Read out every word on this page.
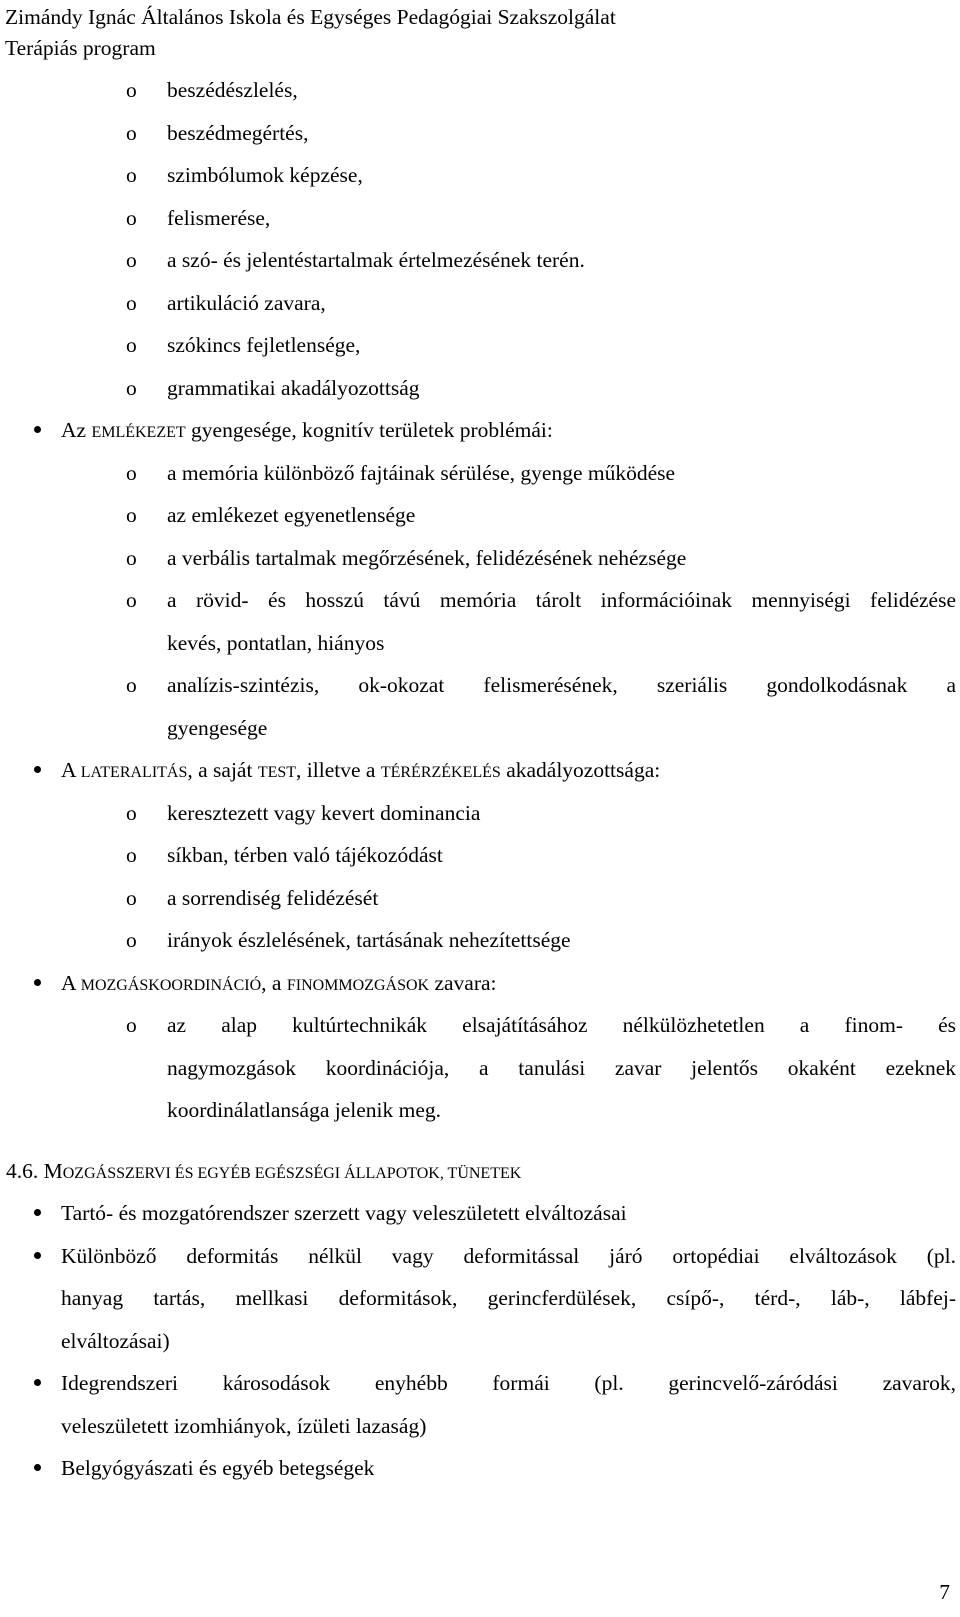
Zimándy Ignác Általános Iskola és Egységes Pedagógiai Szakszolgálat
Terápiás program
o beszédészlelés,
o beszédmegértés,
o szimbólumok képzése,
o felismerése,
o a szó- és jelentéstartalmak értelmezésének terén.
o artikuláció zavara,
o szókincs fejletlensége,
o grammatikai akadályozottság
Az EMLÉKEZET gyengesége, kognitív területek problémái:
o a memória különböző fajtáinak sérülése, gyenge működése
o az emlékezet egyenetlensége
o a verbális tartalmak megőrzésének, felidézésének nehézsége
o a rövid- és hosszú távú memória tárolt információinak mennyiségi felidézése
kevés, pontatlan, hiányos
o analízis-szintézis, ok-okozat felismerésének, szeriális gondolkodásnak a
gyengesége
A LATERALITÁS, a saját TEST, illetve a TÉRÉRZÉKELÉS akadályozottsága:
o keresztezett vagy kevert dominancia
o síkban, térben való tájékozódást
o a sorrendiség felidézését
o irányok észlelésének, tartásának nehezítettsége
A MOZGÁSKOORDINÁCIÓ, a FINOMMOZGÁSOK zavara:
o az alap kultúrtechnikák elsajátításához nélkülözhetetlen a finom- és
nagymozgások koordinációja, a tanulási zavar jelentős okaként ezeknek
koordinálatlansága jelenik meg.
4.6. MOZGÁSSZERVI ÉS EGYÉB EGÉSZSÉGI ÁLLAPOTOK, TÜNETEK
Tartó- és mozgatórendszer szerzett vagy veleszületett elváltozásai
Különböző deformitás nélkül vagy deformitással járó ortopédiai elváltozások (pl.
hanyag tartás, mellkasi deformitások, gerincferdülések, csípő-, térd-, láb-, lábfej-
elváltozásai)
Idegrendszeri károsodások enyhébb formái (pl. gerincvelő-záródási zavarok,
veleszületett izomhiányok, ízületi lazaság)
Belgyógyászati és egyéb betegségek
7
